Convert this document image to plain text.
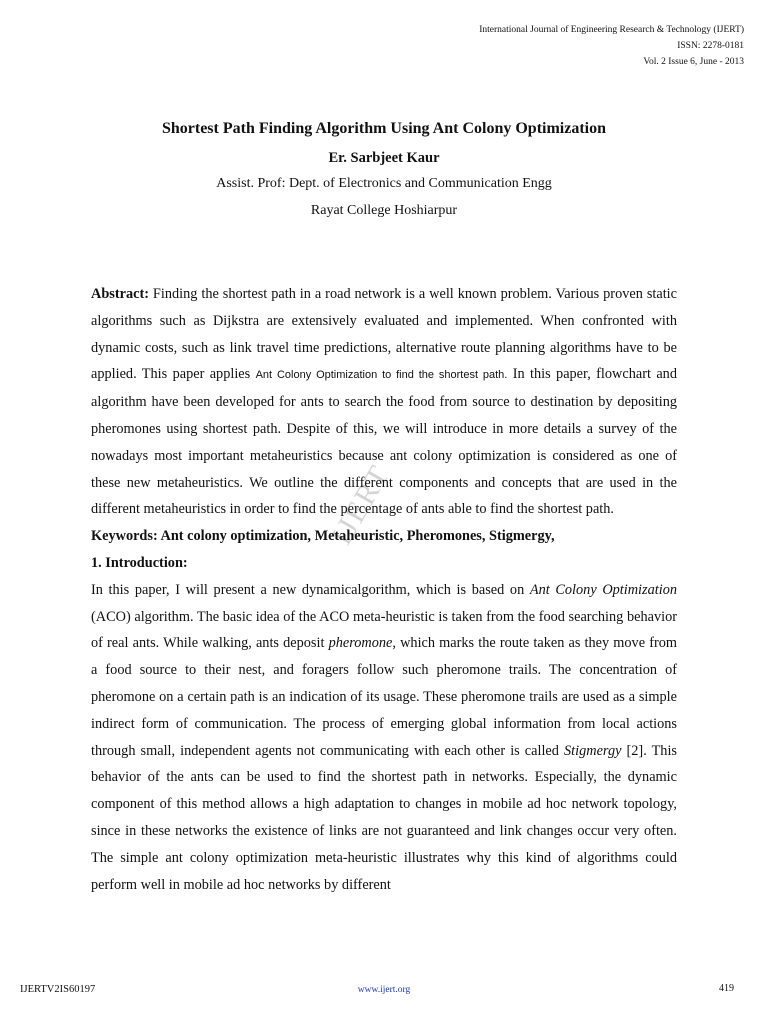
International Journal of Engineering Research & Technology (IJERT)
ISSN: 2278-0181
Vol. 2 Issue 6, June - 2013
Shortest Path Finding Algorithm Using Ant Colony Optimization
Er. Sarbjeet Kaur
Assist. Prof: Dept. of Electronics and Communication Engg
Rayat College Hoshiarpur
IJERT

Abstract: Finding the shortest path in a road network is a well known problem. Various proven static algorithms such as Dijkstra are extensively evaluated and implemented. When confronted with dynamic costs, such as link travel time predictions, alternative route planning algorithms have to be applied. This paper applies Ant Colony Optimization to find the shortest path. In this paper, flowchart and algorithm have been developed for ants to search the food from source to destination by depositing pheromones using shortest path. Despite of this, we will introduce in more details a survey of the nowadays most important metaheuristics because ant colony optimization is considered as one of these new metaheuristics. We outline the different components and concepts that are used in the different metaheuristics in order to find the percentage of ants able to find the shortest path.

Keywords: Ant colony optimization, Metaheuristic, Pheromones, Stigmergy,

1. Introduction:

In this paper, I will present a new dynamicalgorithm, which is based on Ant Colony Optimization (ACO) algorithm. The basic idea of the ACO meta-heuristic is taken from the food searching behavior of real ants. While walking, ants deposit pheromone, which marks the route taken as they move from a food source to their nest, and foragers follow such pheromone trails. The concentration of pheromone on a certain path is an indication of its usage. These pheromone trails are used as a simple indirect form of communication. The process of emerging global information from local actions through small, independent agents not communicating with each other is called Stigmergy [2]. This behavior of the ants can be used to find the shortest path in networks. Especially, the dynamic component of this method allows a high adaptation to changes in mobile ad hoc network topology, since in these networks the existence of links are not guaranteed and link changes occur very often. The simple ant colony optimization meta-heuristic illustrates why this kind of algorithms could perform well in mobile ad hoc networks by different

IJERTV2IS60197	www.ijert.org	419
